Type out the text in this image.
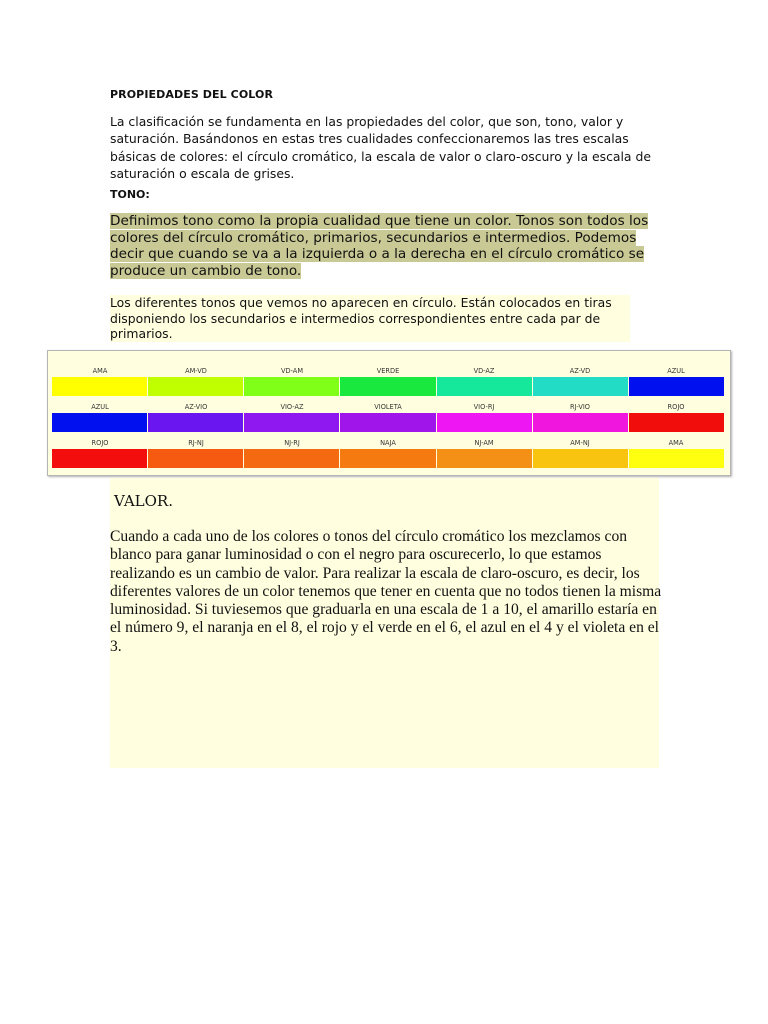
PROPIEDADES DEL COLOR
La clasificación se fundamenta en las propiedades del color, que son, tono, valor y saturación. Basándonos en estas tres cualidades confeccionaremos las tres escalas básicas de colores: el círculo cromático, la escala de valor o claro-oscuro y la escala de saturación o escala de grises.
TONO:
Definimos tono como la propia cualidad que tiene un color. Tonos son todos los colores del círculo cromático, primarios, secundarios e intermedios. Podemos decir que cuando se va a la izquierda o a la derecha en el círculo cromático se produce un cambio de tono.
Los diferentes tonos que vemos no aparecen en círculo. Están colocados en tiras disponiendo los secundarios e intermedios correspondientes entre cada par de primarios.
AMA	AM-VD	VD-AM	VERDE	VD-AZ	AZ-VD	AZUL
AZUL	AZ-VIO	VIO-AZ	VIOLETA	VIO-RJ	RJ-VIO	ROJO
ROJO	RJ-NJ	NJ-RJ	NAJA	NJ-AM	AM-NJ	AMA
VALOR.
Cuando a cada uno de los colores o tonos del círculo cromático los mezclamos con blanco para ganar luminosidad o con el negro para oscurecerlo, lo que estamos realizando es un cambio de valor. Para realizar la escala de claro-oscuro, es decir, los diferentes valores de un color tenemos que tener en cuenta que no todos tienen la misma luminosidad. Si tuviesemos que graduarla en una escala de 1 a 10, el amarillo estaría en el número 9, el naranja en el 8, el rojo y el verde en el 6, el azul en el 4 y el violeta en el 3.
